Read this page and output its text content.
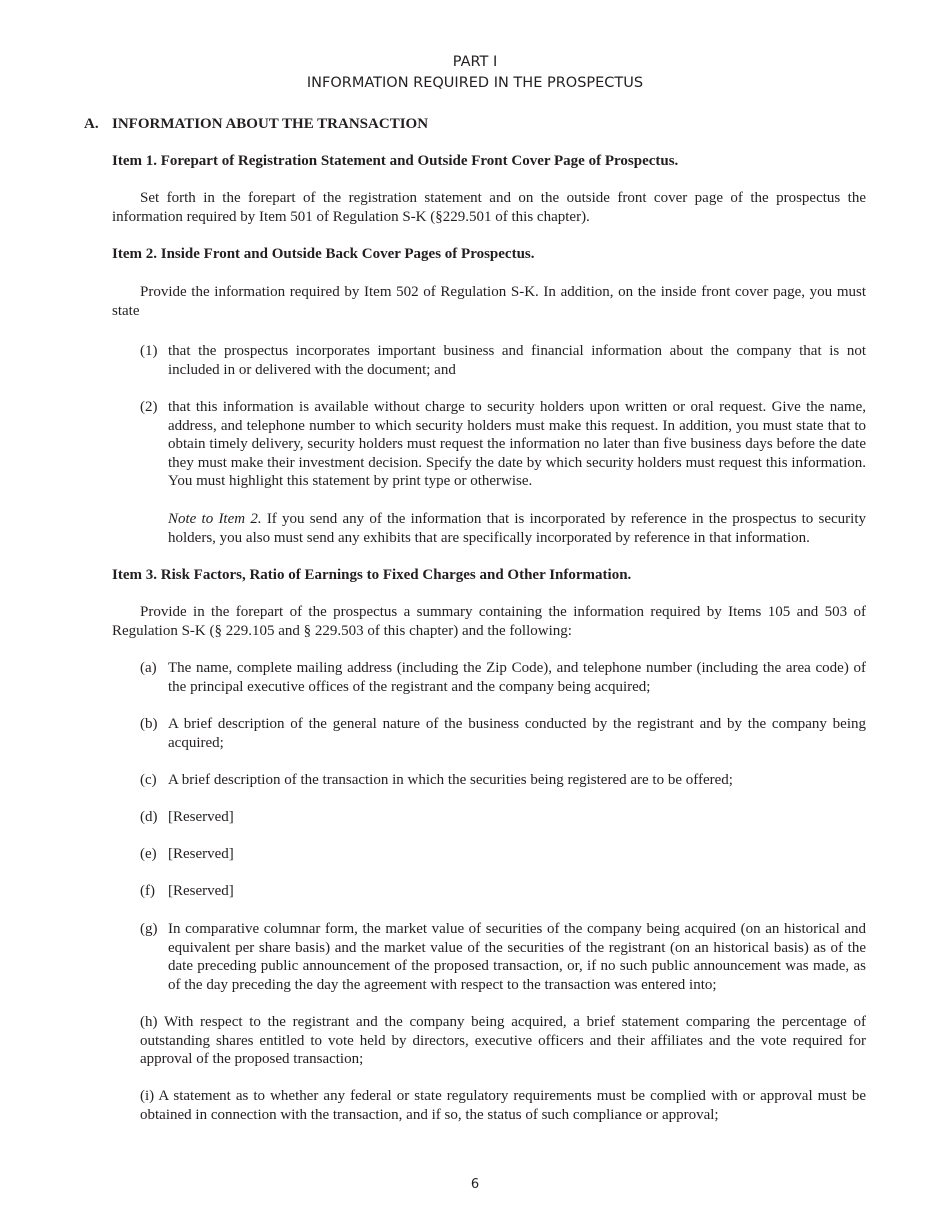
PART I
INFORMATION REQUIRED IN THE PROSPECTUS
A. INFORMATION ABOUT THE TRANSACTION
Item 1. Forepart of Registration Statement and Outside Front Cover Page of Prospectus.
Set forth in the forepart of the registration statement and on the outside front cover page of the prospectus the information required by Item 501 of Regulation S-K (§229.501 of this chapter).
Item 2. Inside Front and Outside Back Cover Pages of Prospectus.
Provide the information required by Item 502 of Regulation S-K. In addition, on the inside front cover page, you must state
(1) that the prospectus incorporates important business and financial information about the company that is not included in or delivered with the document; and
(2) that this information is available without charge to security holders upon written or oral request. Give the name, address, and telephone number to which security holders must make this request. In addition, you must state that to obtain timely delivery, security holders must request the information no later than five business days before the date they must make their investment decision. Specify the date by which security holders must request this information. You must highlight this statement by print type or otherwise.
Note to Item 2. If you send any of the information that is incorporated by reference in the prospectus to security holders, you also must send any exhibits that are specifically incorporated by reference in that information.
Item 3. Risk Factors, Ratio of Earnings to Fixed Charges and Other Information.
Provide in the forepart of the prospectus a summary containing the information required by Items 105 and 503 of Regulation S-K (§ 229.105 and § 229.503 of this chapter) and the following:
(a) The name, complete mailing address (including the Zip Code), and telephone number (including the area code) of the principal executive offices of the registrant and the company being acquired;
(b) A brief description of the general nature of the business conducted by the registrant and by the company being acquired;
(c) A brief description of the transaction in which the securities being registered are to be offered;
(d) [Reserved]
(e) [Reserved]
(f) [Reserved]
(g) In comparative columnar form, the market value of securities of the company being acquired (on an historical and equivalent per share basis) and the market value of the securities of the registrant (on an historical basis) as of the date preceding public announcement of the proposed transaction, or, if no such public announcement was made, as of the day preceding the day the agreement with respect to the transaction was entered into;
(h) With respect to the registrant and the company being acquired, a brief statement comparing the percentage of outstanding shares entitled to vote held by directors, executive officers and their affiliates and the vote required for approval of the proposed transaction;
(i) A statement as to whether any federal or state regulatory requirements must be complied with or approval must be obtained in connection with the transaction, and if so, the status of such compliance or approval;
6
